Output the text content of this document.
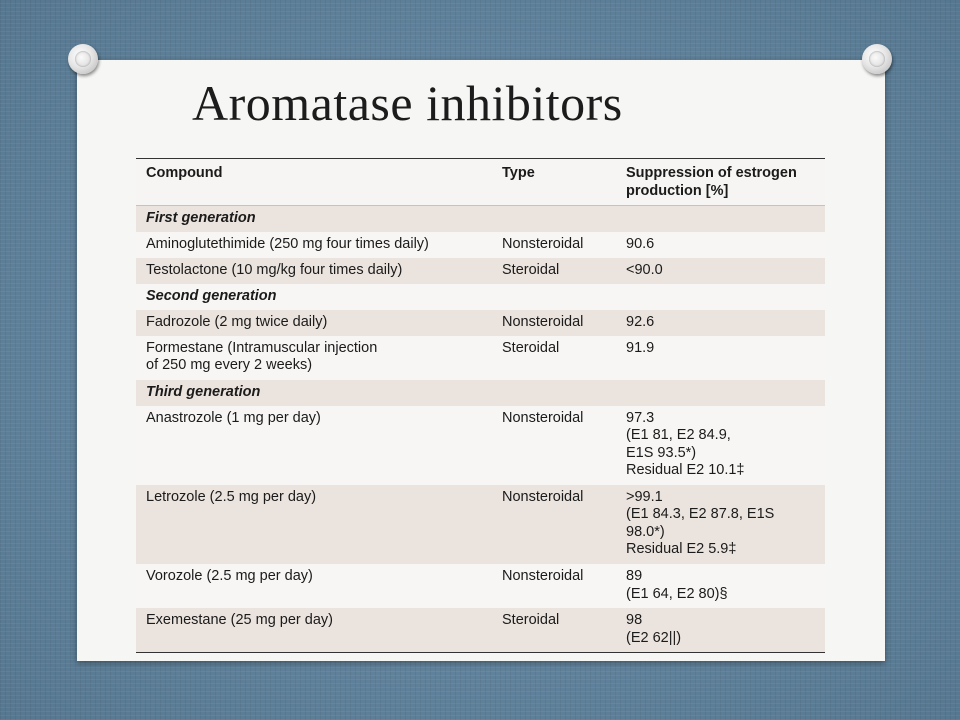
Aromatase inhibitors
Compound	Type	Suppression of estrogen
production [%]
First generation		
Aminoglutethimide (250 mg four times daily)	Nonsteroidal	90.6
Testolactone (10 mg/kg four times daily)	Steroidal	<90.0
Second generation		
Fadrozole (2 mg twice daily)	Nonsteroidal	92.6
Formestane (Intramuscular injection
of 250 mg every 2 weeks)	Steroidal	91.9
Third generation		
Anastrozole (1 mg per day)	Nonsteroidal	97.3
(E1 81, E2 84.9,
E1S 93.5*)
Residual E2 10.1‡
Letrozole (2.5 mg per day)	Nonsteroidal	>99.1
(E1 84.3, E2 87.8, E1S
98.0*)
Residual E2 5.9‡
Vorozole (2.5 mg per day)	Nonsteroidal	89
(E1 64, E2 80)§
Exemestane (25 mg per day)	Steroidal	98
(E2 62||)
